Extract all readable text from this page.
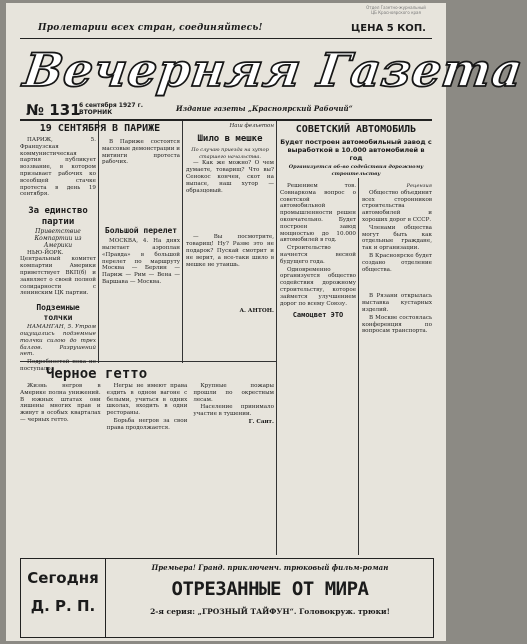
Отдел Газетно-журнальный
ЦБ Красноярского края
Пролетарии всех стран, соединяйтесь!	ЦЕНА 5 КОП.
Вечерняя Газета
№ 131
6 сентября 1927 г.
ВТОРНИК	Издание газеты „Красноярский Рабочий“
19 СЕНТЯБРЯ В ПАРИЖЕ

ПАРИЖ, 5. Французская коммунистическая партия публикует воззвание, в котором призывает рабочих ко всеобщей стачке протеста в день 19 сентября.

За единство партии
Приветствие Компартии из Америки

НЬЮ-ЙОРК. Центральный комитет компартии Америки приветствует ВКП(б) и заявляет о своей полной солидарности с ленинским ЦК партии.

Подземные толчки

НАМАНГАН, 5. Утром ощущались подземные толчки силою до трех баллов. Разрушений нет.

Подробностей пока не поступало.

В Париже состоятся массовые демонстрации и митинги протеста рабочих.

Большой перелет

МОСКВА, 4. На днях вылетает аэроплан «Правда» в большой перелет по маршруту Москва — Берлин — Париж — Рим — Вена — Варшава — Москва.

Наш фельетон
Шило в мешке
По случаю приезда на хутор старшего начальства.

— Как же можно? О чем думаете, товарищ? Что вы? Сенокос кончен, скот на выпасе, наш хутор — образцовый.

— Вы посмотрите, товарищ! Ну? Разве это не подарок? Пускай смотрит и не верит, а все-таки шило в мешке не утаишь.

А. АНТОН.
СОВЕТСКИЙ АВТОМОБИЛЬ
Будет построен автомобильный завод с выработкой в 10.000 автомобилей в год
Организуется об-во содействия дорожному строительству

Решением тов. Совнаркома вопрос о советской автомобильной промышленности решен окончательно. Будет построен завод мощностью до 10.000 автомобилей в год.

Строительство начнется весной будущего года.

Одновременно организуется общество содействия дорожному строительству, которое займется улучшением дорог по всему Союзу.

Самоцвет ЭТО
Рецензия

Общество объединит всех сторонников строительства автомобилей и хороших дорог в СССР.

Членами общества могут быть как отдельные граждане, так и организации.

В Красноярске будет создано отделение общества.

В Рязани открылась выставка кустарных изделий.

В Москве состоялась конференция по вопросам транспорта.

Черное гетто

Жизнь негров в Америке полна унижений. В южных штатах они лишены многих прав и живут в особых кварталах — черных гетто.

Негры не имеют права ездить в одном вагоне с белыми, учиться в одних школах, входить в одни рестораны.

Борьба негров за свои права продолжается.

Крупные пожары прошли по окрестным лесам.

Население принимало участие в тушении.

Г. Сант.
Сегодня
Д. Р. П.
Премьера! Гранд. приключенч. трюковый фильм-роман
ОТРЕЗАННЫЕ ОТ МИРА
2-я серия: „ГРОЗНЫЙ ТАЙФУН“. Головокруж. трюки!
